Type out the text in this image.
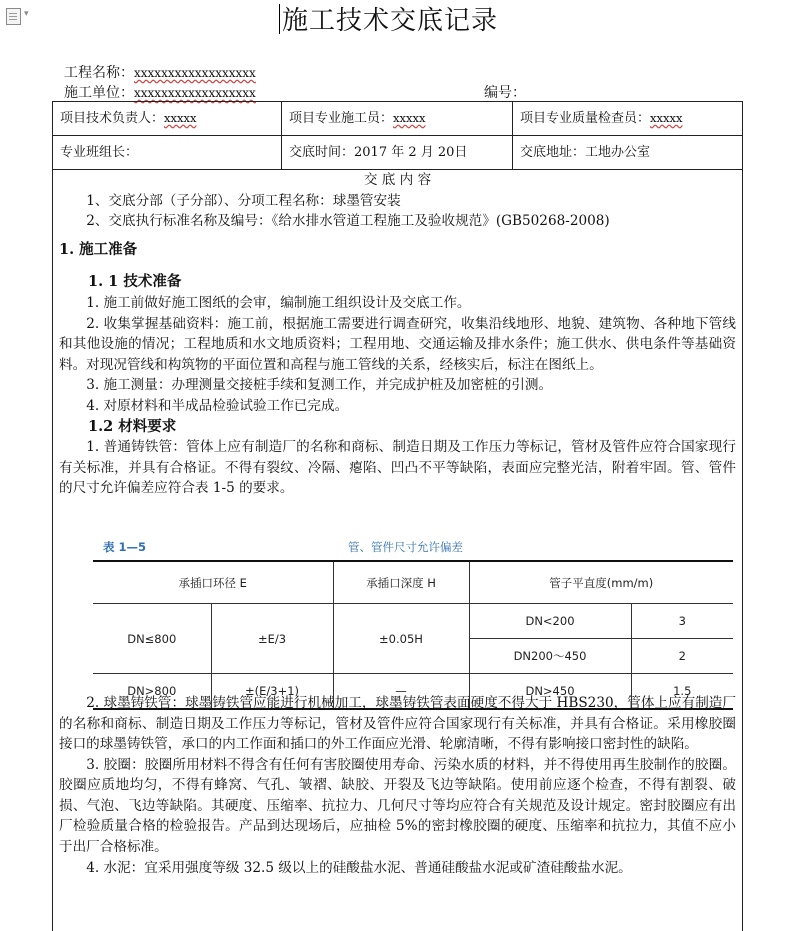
▾	施工技术交底记录
工程名称：xxxxxxxxxxxxxxxxxx
施工单位：xxxxxxxxxxxxxxxxxx	编号：
项目技术负责人：xxxxx	项目专业施工员：xxxxx	项目专业质量检查员：xxxxx
专业班组长：	交底时间：2017 年 2 月 20日	交底地址：工地办公室
交 底 内 容
1、交底分部（子分部）、分项工程名称：球墨管安装
2、交底执行标准名称及编号：《给水排水管道工程施工及验收规范》(GB50268-2008)
1. 施工准备
1. 1 技术准备
1. 施工前做好施工图纸的会审，编制施工组织设计及交底工作。
2. 收集掌握基础资料：施工前，根据施工需要进行调查研究，收集沿线地形、地貌、建筑物、各种地下管线和其他设施的情况；工程地质和水文地质资料；工程用地、交通运输及排水条件；施工供水、供电条件等基础资料。对现况管线和构筑物的平面位置和高程与施工管线的关系，经核实后，标注在图纸上。
3. 施工测量：办理测量交接桩手续和复测工作，并完成护桩及加密桩的引测。
4. 对原材料和半成品检验试验工作已完成。
1.2 材料要求
1. 普通铸铁管：管体上应有制造厂的名称和商标、制造日期及工作压力等标记，管材及管件应符合国家现行有关标准，并具有合格证。不得有裂纹、冷隔、瘪陷、凹凸不平等缺陷，表面应完整光洁，附着牢固。管、管件的尺寸允许偏差应符合表 1-5 的要求。
2. 球墨铸铁管：球墨铸铁管应能进行机械加工，球墨铸铁管表面硬度不得大于 HBS230，管体上应有制造厂的名称和商标、制造日期及工作压力等标记，管材及管件应符合国家现行有关标准，并具有合格证。采用橡胶圈接口的球墨铸铁管，承口的内工作面和插口的外工作面应光滑、轮廓清晰，不得有影响接口密封性的缺陷。
3. 胶圈：胶圈所用材料不得含有任何有害胶圈使用寿命、污染水质的材料，并不得使用再生胶制作的胶圈。胶圈应质地均匀，不得有蜂窝、气孔、皱褶、缺胶、开裂及飞边等缺陷。使用前应逐个检查，不得有割裂、破损、气泡、飞边等缺陷。其硬度、压缩率、抗拉力、几何尺寸等均应符合有关规范及设计规定。密封胶圈应有出厂检验质量合格的检验报告。产品到达现场后，应抽检 5%的密封橡胶圈的硬度、压缩率和抗拉力，其值不应小于出厂合格标准。
4. 水泥：宜采用强度等级 32.5 级以上的硅酸盐水泥、普通硅酸盐水泥或矿渣硅酸盐水泥。
表 1—5	管、管件尺寸允许偏差
承插口环径 E		承插口深度 H	管子平直度(mm/m)	
DN≤800	±E/3	±0.05H	DN<200	3
			DN200～450	2
DN>800	±(E/3+1)	—	DN>450	1.5
